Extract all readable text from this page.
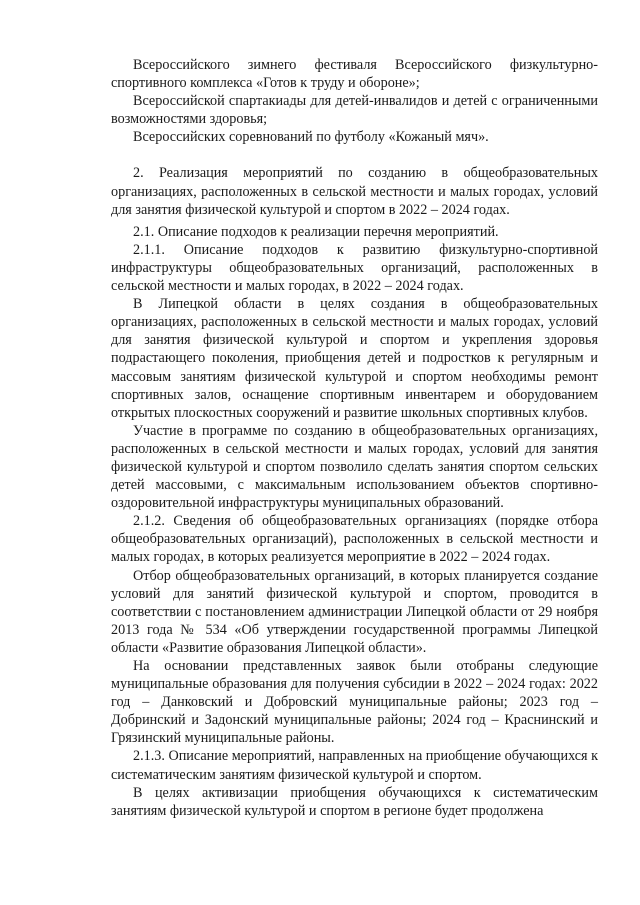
Всероссийского зимнего фестиваля Всероссийского физкультурно-спортивного комплекса «Готов к труду и обороне»;

Всероссийской спартакиады для детей-инвалидов и детей с ограниченными возможностями здоровья;

Всероссийских соревнований по футболу «Кожаный мяч».

2. Реализация мероприятий по созданию в общеобразовательных организациях, расположенных в сельской местности и малых городах, условий для занятия физической культурой и спортом в 2022 – 2024 годах.

2.1. Описание подходов к реализации перечня мероприятий.

2.1.1. Описание подходов к развитию физкультурно-спортивной инфраструктуры общеобразовательных организаций, расположенных в сельской местности и малых городах, в 2022 – 2024 годах.

В Липецкой области в целях создания в общеобразовательных организациях, расположенных в сельской местности и малых городах, условий для занятия физической культурой и спортом и укрепления здоровья подрастающего поколения, приобщения детей и подростков к регулярным и массовым занятиям физической культурой и спортом необходимы ремонт спортивных залов, оснащение спортивным инвентарем и оборудованием открытых плоскостных сооружений и развитие школьных спортивных клубов.

Участие в программе по созданию в общеобразовательных организациях, расположенных в сельской местности и малых городах, условий для занятия физической культурой и спортом позволило сделать занятия спортом сельских детей массовыми, с максимальным использованием объектов спортивно-оздоровительной инфраструктуры муниципальных образований.

2.1.2. Сведения об общеобразовательных организациях (порядке отбора общеобразовательных организаций), расположенных в сельской местности и малых городах, в которых реализуется мероприятие в 2022 – 2024 годах.

Отбор общеобразовательных организаций, в которых планируется создание условий для занятий физической культурой и спортом, проводится в соответствии с постановлением администрации Липецкой области от 29 ноября 2013 года № 534 «Об утверждении государственной программы Липецкой области «Развитие образования Липецкой области».

На основании представленных заявок были отобраны следующие муниципальные образования для получения субсидии в 2022 – 2024 годах: 2022 год – Данковский и Добровский муниципальные районы; 2023 год – Добринский и Задонский муниципальные районы; 2024 год – Краснинский и Грязинский муниципальные районы.

2.1.3. Описание мероприятий, направленных на приобщение обучающихся к систематическим занятиям физической культурой и спортом.

В целях активизации приобщения обучающихся к систематическим занятиям физической культурой и спортом в регионе будет продолжена
